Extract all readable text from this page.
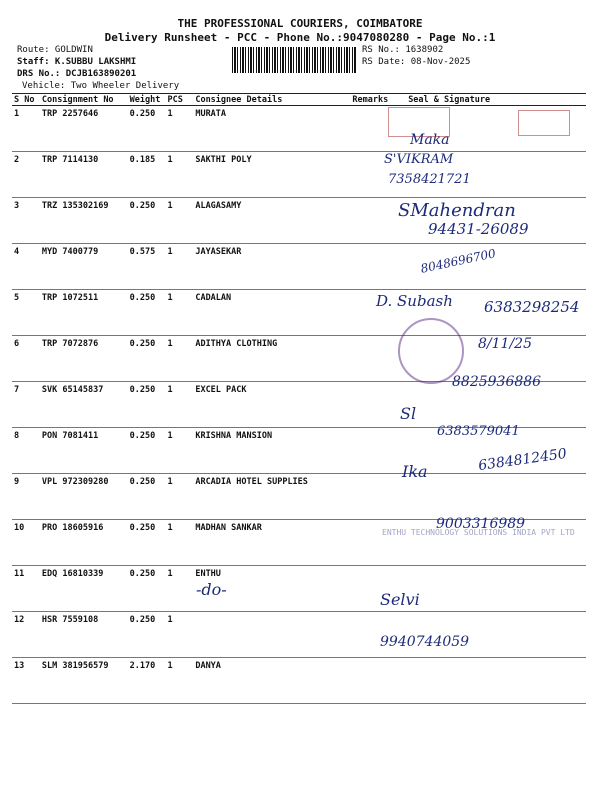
THE PROFESSIONAL COURIERS, COIMBATORE
Delivery Runsheet - PCC - Phone No.:9047080280 - Page No.:1
Route: GOLDWIN
Staff: K.SUBBU LAKSHMI
DRS No.: DCJB163890201
Vehicle: Two Wheeler Delivery
RS No.: 1638902
RS Date: 08-Nov-2025
S No	Consignment No	Weight	PCS	Consignee Details	Remarks	Seal & Signature
1	TRP 2257646	0.250	1	MURATA		
2	TRP 7114130	0.185	1	SAKTHI POLY		
3	TRZ 135302169	0.250	1	ALAGASAMY		
4	MYD 7400779	0.575	1	JAYASEKAR		
5	TRP 1072511	0.250	1	CADALAN		
6	TRP 7072876	0.250	1	ADITHYA CLOTHING		
7	SVK 65145837	0.250	1	EXCEL PACK		
8	PON 7081411	0.250	1	KRISHNA MANSION		
9	VPL 972309280	0.250	1	ARCADIA HOTEL SUPPLIES		
10	PRO 18605916	0.250	1	MADHAN SANKAR		
11	EDQ 16810339	0.250	1	ENTHU		
12	HSR 7559108	0.250	1			
13	SLM 381956579	2.170	1	DANYA		
Maka
S'VIKRAM
7358421721
SMahendran
94431-26089
8048696700
D. Subash 6383298254
8/11/25
8825936886
Sl
6383579041
Ika	6384812450
9003316989
ENTHU TECHNOLOGY SOLUTIONS INDIA PVT LTD
-do-
Selvi
9940744059
